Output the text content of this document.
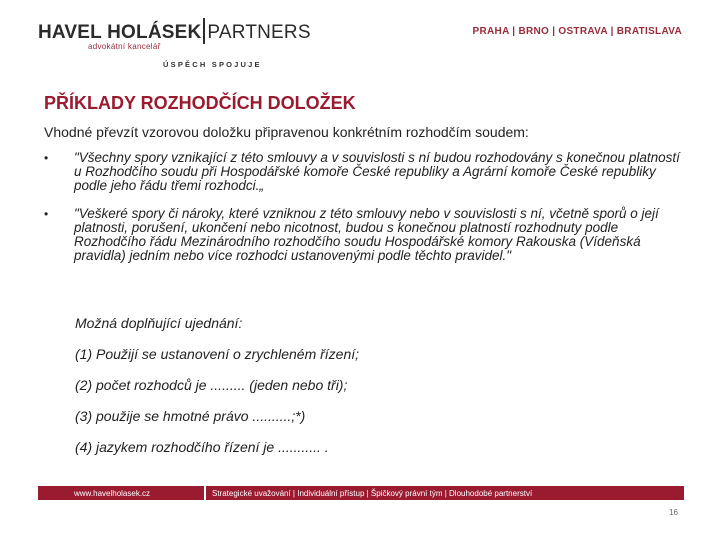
HAVEL HOLÁSEK PARTNERS
advokátní kancelář
ÚSPĚCH SPOJUJE
PRAHA | BRNO | OSTRAVA | BRATISLAVA
PŘÍKLADY ROZHODČÍCH DOLOŽEK
Vhodné převzít vzorovou doložku připravenou konkrétním rozhodčím soudem:
• "Všechny spory vznikající z této smlouvy a v souvislosti s ní budou rozhodovány s konečnou platností u Rozhodčího soudu při Hospodářské komoře České republiky a Agrární komoře České republiky podle jeho řádu třemi rozhodci.„
• "Veškeré spory či nároky, které vzniknou z této smlouvy nebo v souvislosti s ní, včetně sporů o její platnosti, porušení, ukončení nebo nicotnost, budou s konečnou platností rozhodnuty podle Rozhodčího řádu Mezinárodního rozhodčího soudu Hospodářské komory Rakouska (Vídeňská pravidla) jedním nebo více rozhodci ustanovenými podle těchto pravidel."

Možná doplňující ujednání:

(1) Použijí se ustanovení o zrychleném řízení;

(2) počet rozhodců je ......... (jeden nebo tři);

(3) použije se hmotné právo ..........;*)

(4) jazykem rozhodčího řízení je ........... .

www.havelholasek.cz	Strategické uvažování | Individuální přístup | Špičkový právní tým | Dlouhodobé partnerství
16
